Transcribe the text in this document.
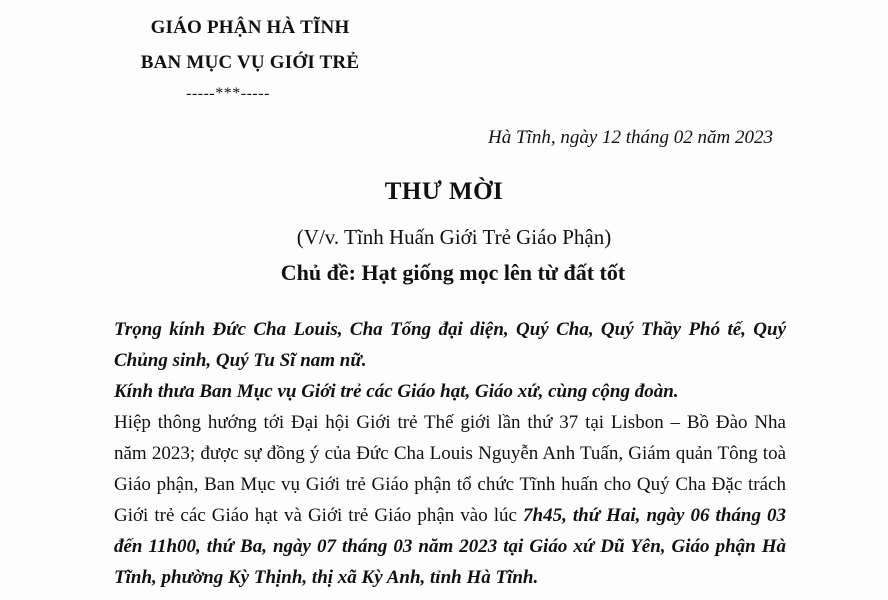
GIÁO PHẬN HÀ TĨNH
BAN MỤC VỤ GIỚI TRẺ
-----***-----
Hà Tĩnh, ngày 12 tháng 02 năm 2023
THƯ MỜI
(V/v. Tĩnh Huấn Giới Trẻ Giáo Phận)
Chủ đề: Hạt giống mọc lên từ đất tốt

Trọng kính Đức Cha Louis, Cha Tổng đại diện, Quý Cha, Quý Thầy Phó tế, Quý Chủng sinh, Quý Tu Sĩ nam nữ.

Kính thưa Ban Mục vụ Giới trẻ các Giáo hạt, Giáo xứ, cùng cộng đoàn.

Hiệp thông hướng tới Đại hội Giới trẻ Thế giới lần thứ 37 tại Lisbon – Bồ Đào Nha năm 2023; được sự đồng ý của Đức Cha Louis Nguyễn Anh Tuấn, Giám quản Tông toà Giáo phận, Ban Mục vụ Giới trẻ Giáo phận tổ chức Tĩnh huấn cho Quý Cha Đặc trách Giới trẻ các Giáo hạt và Giới trẻ Giáo phận vào lúc 7h45, thứ Hai, ngày 06 tháng 03 đến 11h00, thứ Ba, ngày 07 tháng 03 năm 2023 tại Giáo xứ Dũ Yên, Giáo phận Hà Tĩnh, phường Kỳ Thịnh, thị xã Kỳ Anh, tỉnh Hà Tĩnh.
